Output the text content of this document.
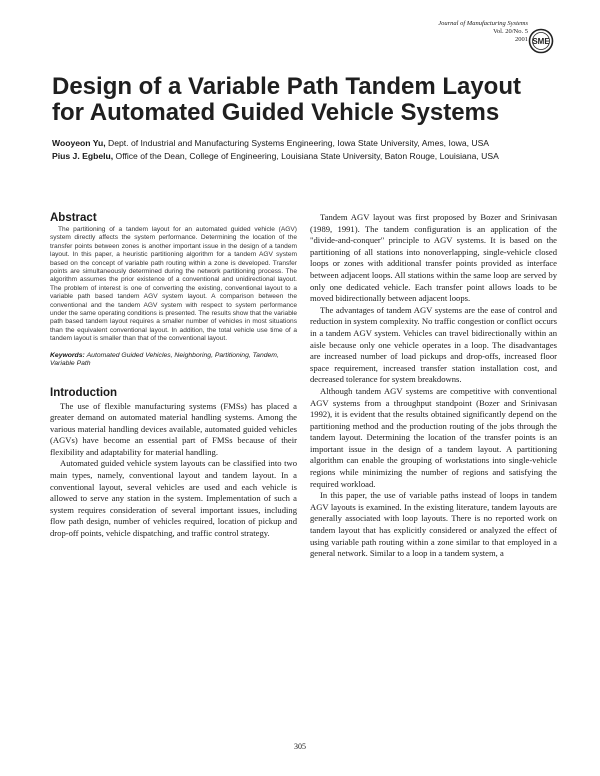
Journal of Manufacturing Systems
Vol. 20/No. 5
2001 SME
Design of a Variable Path Tandem Layout for Automated Guided Vehicle Systems
Wooyeon Yu, Dept. of Industrial and Manufacturing Systems Engineering, Iowa State University, Ames, Iowa, USA
Pius J. Egbelu, Office of the Dean, College of Engineering, Louisiana State University, Baton Rouge, Louisiana, USA
Abstract

The partitioning of a tandem layout for an automated guided vehicle (AGV) system directly affects the system performance. Determining the location of the transfer points between zones is another important issue in the design of a tandem layout. In this paper, a heuristic partitioning algorithm for a tandem AGV system based on the concept of variable path routing within a zone is developed. Transfer points are simultaneously determined during the network partitioning process. The algorithm assumes the prior existence of a conventional and unidirectional layout. The problem of interest is one of converting the existing, conventional layout to a variable path based tandem AGV system layout. A comparison between the conventional and the tandem AGV system with respect to system performance under the same operating conditions is presented. The results show that the variable path based tandem layout requires a smaller number of vehicles in most situations than the equivalent conventional layout. In addition, the total vehicle use time of a tandem layout is smaller than that of the conventional layout.

Keywords: Automated Guided Vehicles, Neighboring, Partitioning, Tandem, Variable Path

Introduction

The use of flexible manufacturing systems (FMSs) has placed a greater demand on automated material handling systems. Among the various material handling devices available, automated guided vehicles (AGVs) have become an essential part of FMSs because of their flexibility and adaptability for material handling.

Automated guided vehicle system layouts can be classified into two main types, namely, conventional layout and tandem layout. In a conventional layout, several vehicles are used and each vehicle is allowed to serve any station in the system. Implementation of such a system requires consideration of several important issues, including flow path design, number of vehicles required, location of pickup and drop-off points, vehicle dispatching, and traffic control strategy.

Tandem AGV layout was first proposed by Bozer and Srinivasan (1989, 1991). The tandem configuration is an application of the "divide-and-conquer" principle to AGV systems. It is based on the partitioning of all stations into nonoverlapping, single-vehicle closed loops or zones with additional transfer points provided as interface between adjacent loops. All stations within the same loop are served by only one dedicated vehicle. Each transfer point allows loads to be moved bidirectionally between adjacent loops.

The advantages of tandem AGV systems are the ease of control and reduction in system complexity. No traffic congestion or conflict occurs in a tandem AGV system. Vehicles can travel bidirectionally within an aisle because only one vehicle operates in a loop. The disadvantages are increased number of load pickups and drop-offs, increased floor space requirement, increased transfer station installation cost, and decreased tolerance for system breakdowns.

Although tandem AGV systems are competitive with conventional AGV systems from a throughput standpoint (Bozer and Srinivasan 1992), it is evident that the results obtained significantly depend on the partitioning method and the production routing of the jobs through the tandem layout. Determining the location of the transfer points is an important issue in the design of a tandem layout. A partitioning algorithm can enable the grouping of workstations into single-vehicle regions while minimizing the number of regions and satisfying the required workload.

In this paper, the use of variable paths instead of loops in tandem AGV layouts is examined. In the existing literature, tandem layouts are generally associated with loop layouts. There is no reported work on tandem layout that has explicitly considered or analyzed the effect of using variable path routing within a zone similar to that employed in a general network. Similar to a loop in a tandem system, a

305
